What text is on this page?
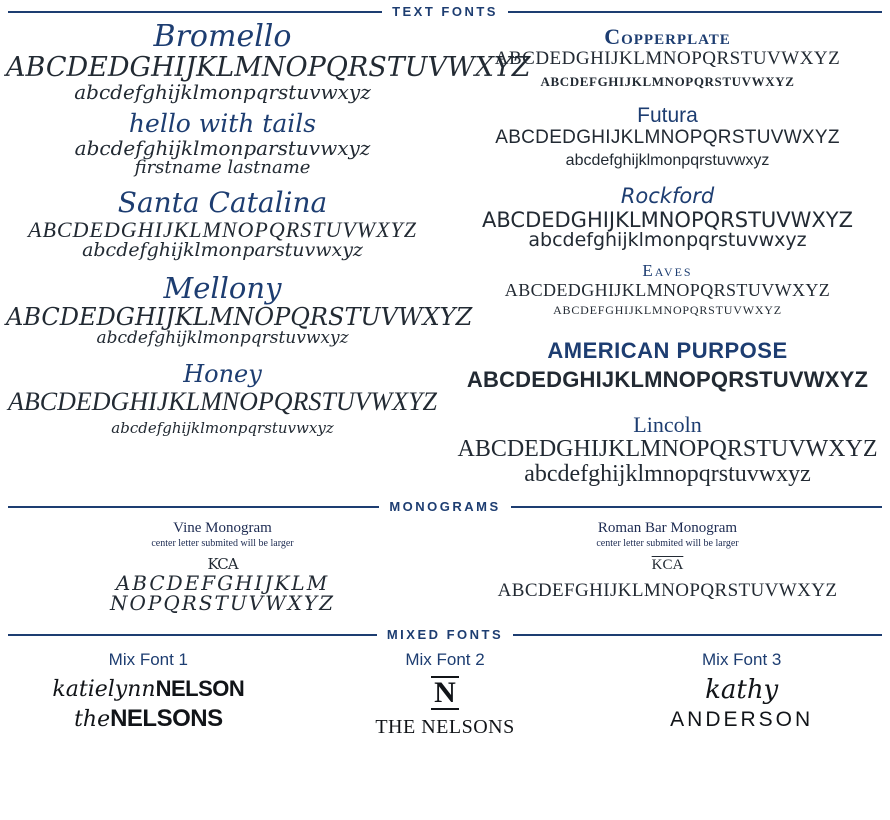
TEXT FONTS
Bromello
ABCDEDGHIJKLMNOPQRSTUVWXYZ
abcdefghijklmonpqrstuvwxyz
hello with tails
abcdefghijklmonparstuvwxyz
firstname lastname
Santa Catalina
ABCDEDGHIJKLMNOPQRSTUVWXYZ
abcdefghijklmonparstuvwxyz
Mellony
ABCDEDGHIJKLMNOPQRSTUVWXYZ
abcdefghijklmonpqrstuvwxyz
Honey
ABCDEDGHIJKLMNOPQRSTUVWXYZ
abcdefghijklmonpqrstuvwxyz
Copperplate
ABCDEDGHIJKLMNOPQRSTUVWXYZ
ABCDEFGHIJKLMNOPQRSTUVWXYZ
Futura
ABCDEDGHIJKLMNOPQRSTUVWXYZ
abcdefghijklmonpqrstuvwxyz
Rockford
ABCDEDGHIJKLMNOPQRSTUVWXYZ
abcdefghijklmonpqrstuvwxyz
Eaves
ABCDEDGHIJKLMNOPQRSTUVWXYZ
ABCDEFGHIJKLMNOPQRSTUVWXYZ
AMERICAN PURPOSE
ABCDEDGHIJKLMNOPQRSTUVWXYZ
Lincoln
ABCDEDGHIJKLMNOPQRSTUVWXYZ
abcdefghijklmnopqrstuvwxyz
MONOGRAMS
Vine Monogram
center letter submited will be larger
KCA
ABCDEFGHIJKLM
NOPQRSTUVWXYZ
Roman Bar Monogram
center letter submited will be larger
$\overline{KCA}$
ABCDEFGHIJKLMNOPQRSTUVWXYZ
MIXED FONTS
Mix Font 1
katielynnNELSON
theNELSONS
Mix Font 2
N
THE NELSONS
Mix Font 3
kathy
ANDERSON
